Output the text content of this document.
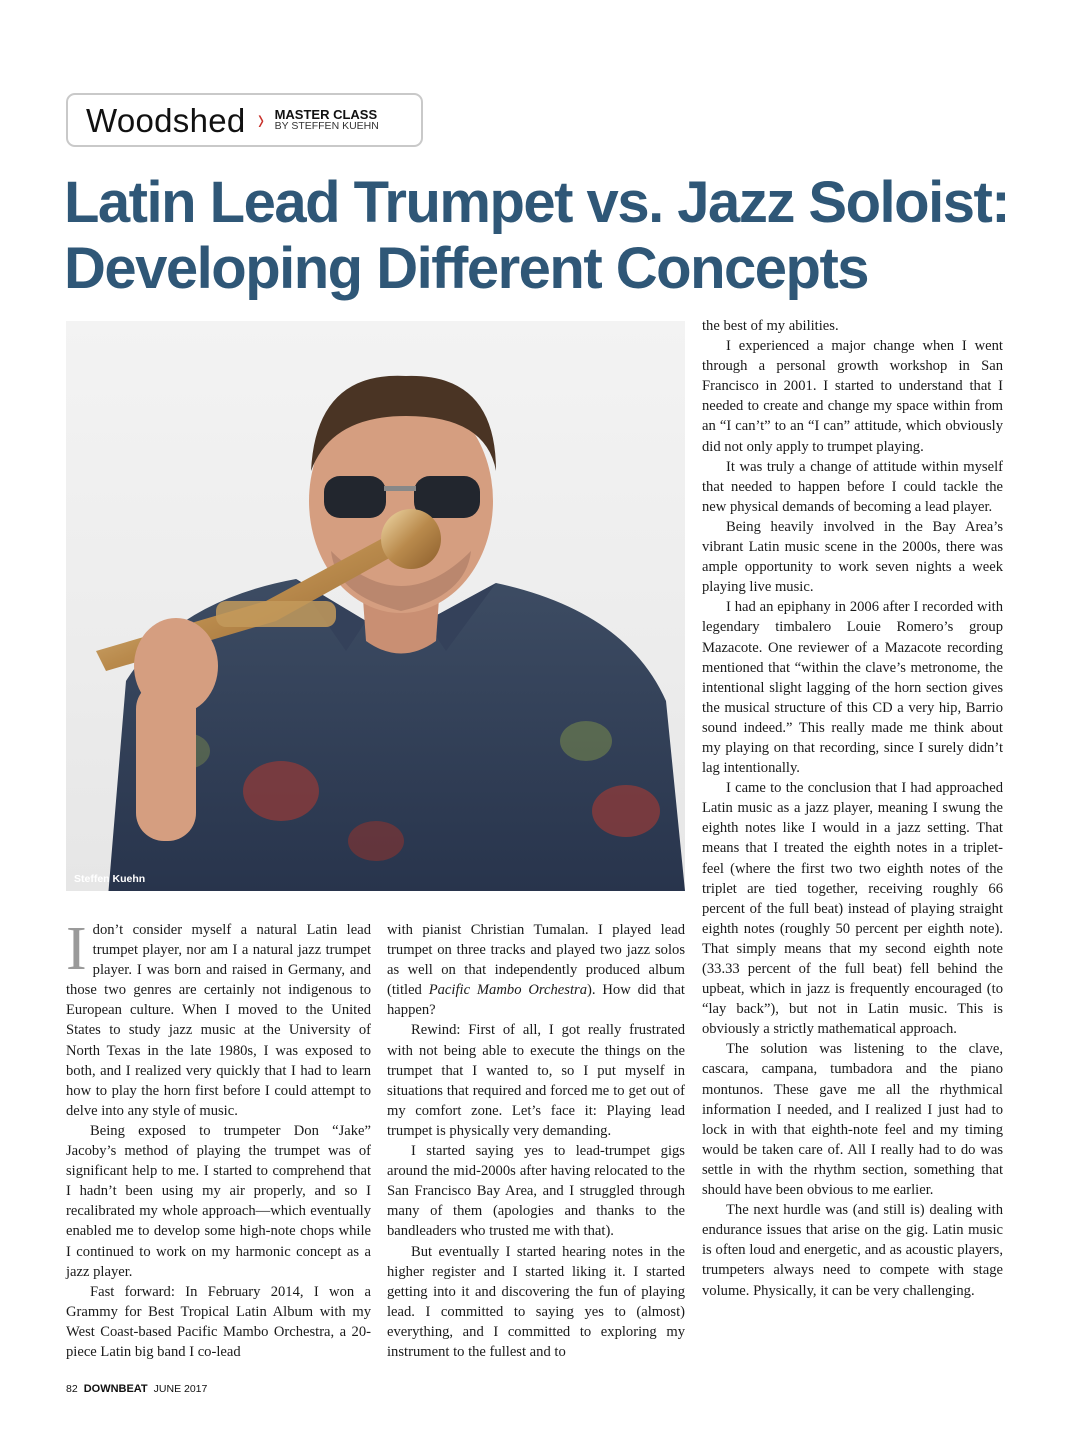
Woodshed › MASTER CLASS
BY STEFFEN KUEHN
Latin Lead Trumpet vs. Jazz Soloist:
Developing Different Concepts
Steffen Kuehn

Idon’t consider myself a natural Latin lead trumpet player, nor am I a natural jazz trumpet player. I was born and raised in Germany, and those two genres are certainly not indigenous to European culture. When I moved to the United States to study jazz music at the University of North Texas in the late 1980s, I was exposed to both, and I realized very quickly that I had to learn how to play the horn first before I could attempt to delve into any style of music.

Being exposed to trumpeter Don “Jake” Jacoby’s method of playing the trumpet was of significant help to me. I started to comprehend that I hadn’t been using my air properly, and so I recalibrated my whole approach—which eventually enabled me to develop some high-note chops while I continued to work on my harmonic concept as a jazz player.

Fast forward: In February 2014, I won a Grammy for Best Tropical Latin Album with my West Coast-based Pacific Mambo Orchestra, a 20-piece Latin big band I co-lead

with pianist Christian Tumalan. I played lead trumpet on three tracks and played two jazz solos as well on that independently produced album (titled Pacific Mambo Orchestra). How did that happen?

Rewind: First of all, I got really frustrated with not being able to execute the things on the trumpet that I wanted to, so I put myself in situations that required and forced me to get out of my comfort zone. Let’s face it: Playing lead trumpet is physically very demanding.

I started saying yes to lead-trumpet gigs around the mid-2000s after having relocated to the San Francisco Bay Area, and I struggled through many of them (apologies and thanks to the bandleaders who trusted me with that).

But eventually I started hearing notes in the higher register and I started liking it. I started getting into it and discovering the fun of playing lead. I committed to saying yes to (almost) everything, and I committed to exploring my instrument to the fullest and to

the best of my abilities.

I experienced a major change when I went through a personal growth workshop in San Francisco in 2001. I started to understand that I needed to create and change my space within from an “I can’t” to an “I can” attitude, which obviously did not only apply to trumpet playing.

It was truly a change of attitude within myself that needed to happen before I could tackle the new physical demands of becoming a lead player.

Being heavily involved in the Bay Area’s vibrant Latin music scene in the 2000s, there was ample opportunity to work seven nights a week playing live music.

I had an epiphany in 2006 after I recorded with legendary timbalero Louie Romero’s group Mazacote. One reviewer of a Mazacote recording mentioned that “within the clave’s metronome, the intentional slight lagging of the horn section gives the musical structure of this CD a very hip, Barrio sound indeed.” This really made me think about my playing on that recording, since I surely didn’t lag intentionally.

I came to the conclusion that I had approached Latin music as a jazz player, meaning I swung the eighth notes like I would in a jazz setting. That means that I treated the eighth notes in a triplet-feel (where the first two two eighth notes of the triplet are tied together, receiving roughly 66 percent of the full beat) instead of playing straight eighth notes (roughly 50 percent per eighth note). That simply means that my second eighth note (33.33 percent of the full beat) fell behind the upbeat, which in jazz is frequently encouraged (to “lay back”), but not in Latin music. This is obviously a strictly mathematical approach.

The solution was listening to the clave, cascara, campana, tumbadora and the piano montunos. These gave me all the rhythmical information I needed, and I realized I just had to lock in with that eighth-note feel and my timing would be taken care of. All I really had to do was settle in with the rhythm section, something that should have been obvious to me earlier.

The next hurdle was (and still is) dealing with endurance issues that arise on the gig. Latin music is often loud and energetic, and as acoustic players, trumpeters always need to compete with stage volume. Physically, it can be very challenging.

82 DOWNBEAT JUNE 2017
